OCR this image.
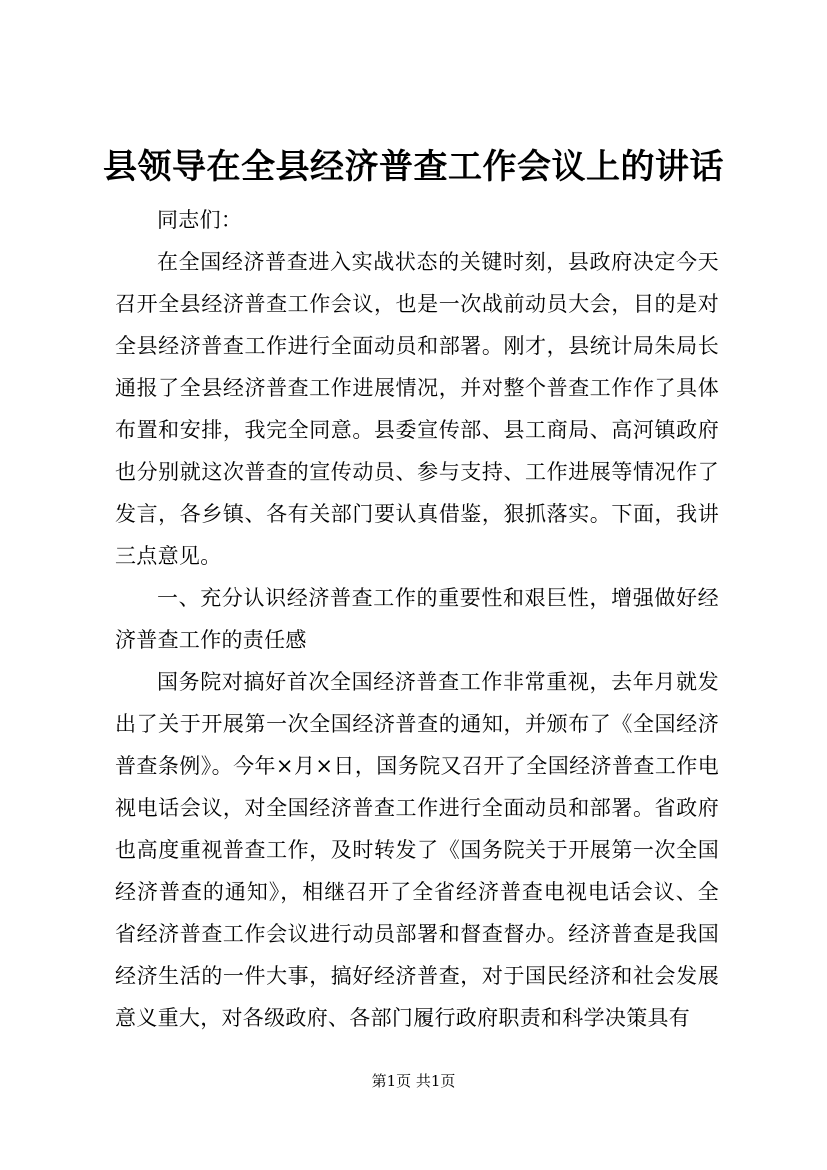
县领导在全县经济普查工作会议上的讲话

同志们：

在全国经济普查进入实战状态的关键时刻，县政府决定今天召开全县经济普查工作会议，也是一次战前动员大会，目的是对全县经济普查工作进行全面动员和部署。刚才，县统计局朱局长通报了全县经济普查工作进展情况，并对整个普查工作作了具体布置和安排，我完全同意。县委宣传部、县工商局、高河镇政府也分别就这次普查的宣传动员、参与支持、工作进展等情况作了发言，各乡镇、各有关部门要认真借鉴，狠抓落实。下面，我讲三点意见。

一、充分认识经济普查工作的重要性和艰巨性，增强做好经济普查工作的责任感

国务院对搞好首次全国经济普查工作非常重视，去年月就发出了关于开展第一次全国经济普查的通知，并颁布了《全国经济普查条例》。今年×月×日，国务院又召开了全国经济普查工作电视电话会议，对全国经济普查工作进行全面动员和部署。省政府也高度重视普查工作，及时转发了《国务院关于开展第一次全国经济普查的通知》，相继召开了全省经济普查电视电话会议、全省经济普查工作会议进行动员部署和督查督办。经济普查是我国经济生活的一件大事，搞好经济普查，对于国民经济和社会发展意义重大，对各级政府、各部门履行政府职责和科学决策具有

第1页 共1页
